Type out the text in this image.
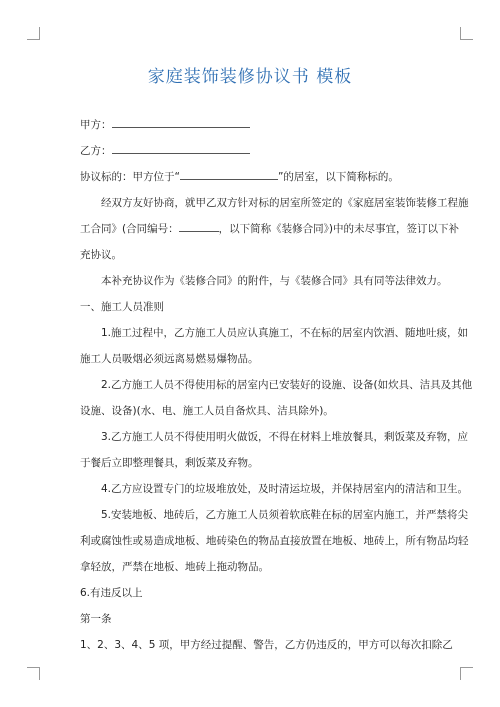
家庭装饰装修协议书 模板
甲方：
乙方：
协议标的：甲方位于“	”的居室，以下简称标的。
经双方友好协商，就甲乙双方针对标的居室所签定的《家庭居室装饰装修工程施
工合同》(合同编号：	，以下简称《装修合同》)中的未尽事宜，签订以下补
充协议。
本补充协议作为《装修合同》的附件，与《装修合同》具有同等法律效力。
一、施工人员准则
1.施工过程中，乙方施工人员应认真施工，不在标的居室内饮酒、随地吐痰，如
施工人员吸烟必须远离易燃易爆物品。
2.乙方施工人员不得使用标的居室内已安装好的设施、设备(如炊具、洁具及其他
设施、设备)(水、电、施工人员自备炊具、洁具除外)。
3.乙方施工人员不得使用明火做饭，不得在材料上堆放餐具，剩饭菜及弃物，应
于餐后立即整理餐具，剩饭菜及弃物。
4.乙方应设置专门的垃圾堆放处，及时清运垃圾，并保持居室内的清洁和卫生。
5.安装地板、地砖后，乙方施工人员须着软底鞋在标的居室内施工，并严禁将尖
利或腐蚀性或易造成地板、地砖染色的物品直接放置在地板、地砖上，所有物品均轻
拿轻放，严禁在地板、地砖上拖动物品。
6.有违反以上
第一条
1、2、3、4、5 项，甲方经过提醒、警告，乙方仍违反的，甲方可以每次扣除乙
